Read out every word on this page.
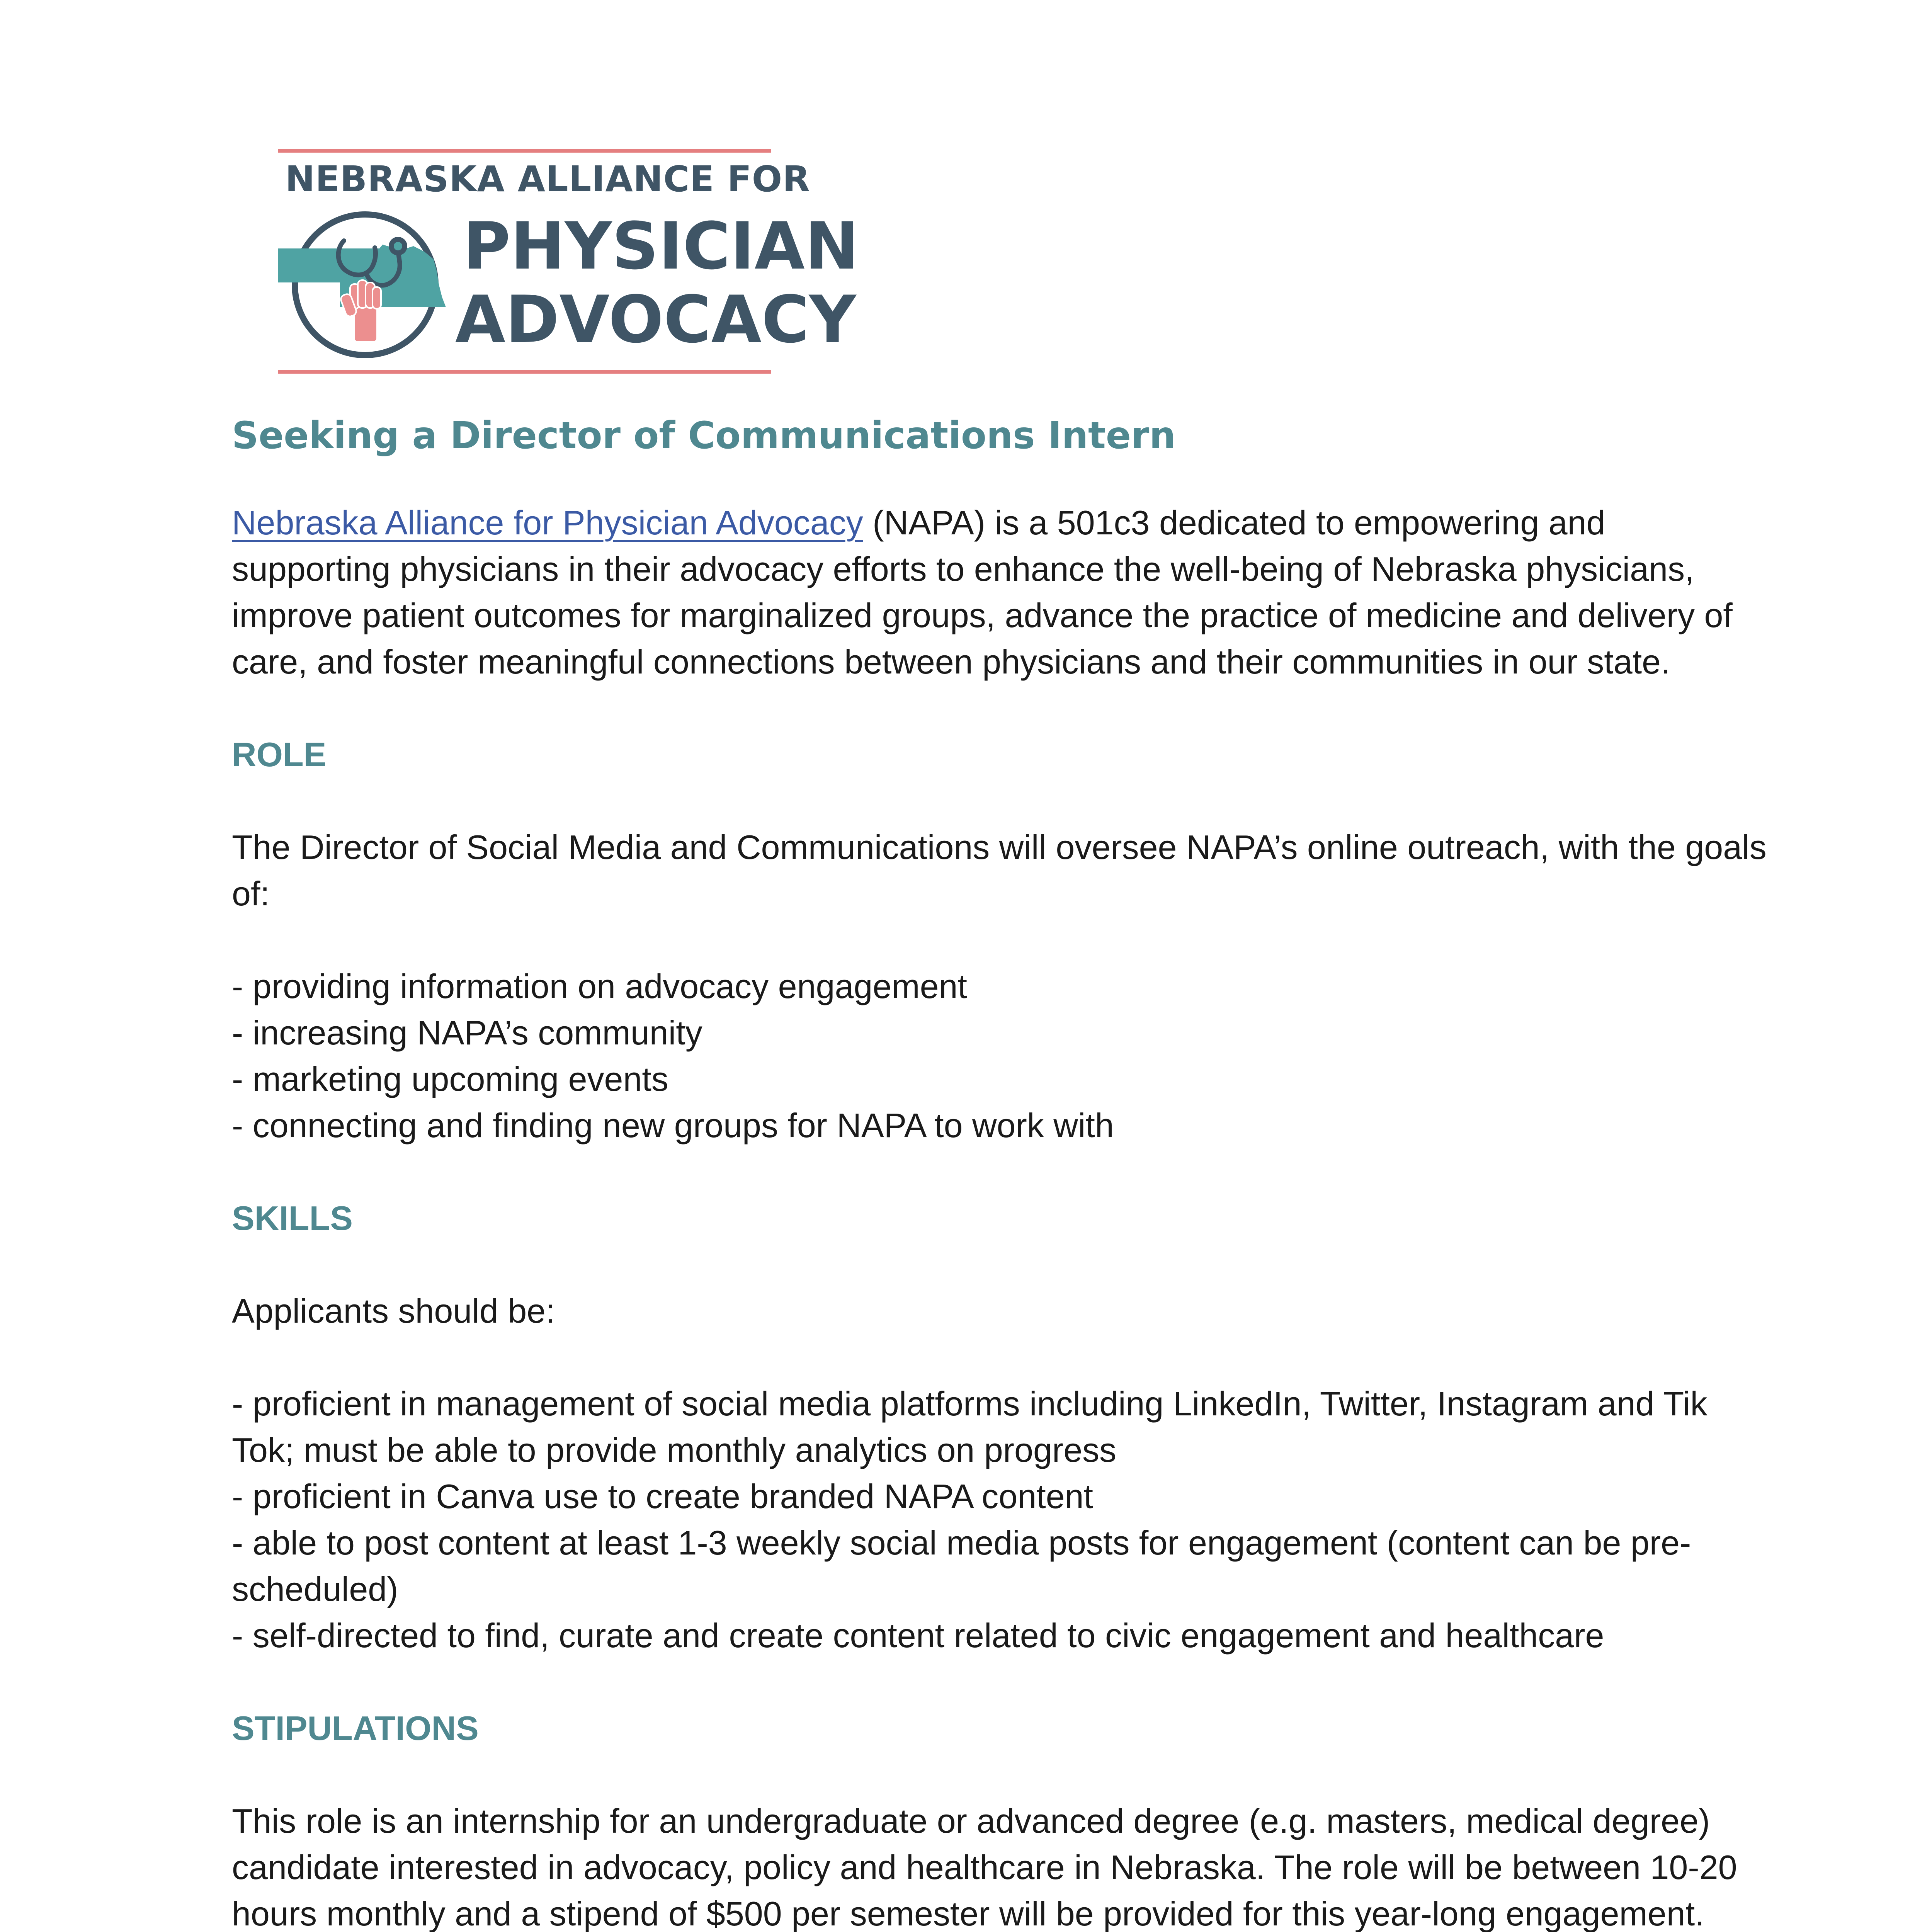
NEBRASKA ALLIANCE FOR
PHYSICIAN
ADVOCACY
Seeking a Director of Communications Intern

Nebraska Alliance for Physician Advocacy (NAPA) is a 501c3 dedicated to empowering and supporting physicians in their advocacy efforts to enhance the well-being of Nebraska physicians, improve patient outcomes for marginalized groups, advance the practice of medicine and delivery of care, and foster meaningful connections between physicians and their communities in our state.

ROLE

The Director of Social Media and Communications will oversee NAPA’s online outreach, with the goals of:

- providing information on advocacy engagement
- increasing NAPA’s community
- marketing upcoming events
- connecting and finding new groups for NAPA to work with
SKILLS

Applicants should be:

- proficient in management of social media platforms including LinkedIn, Twitter, Instagram and Tik Tok; must be able to provide monthly analytics on progress
- proficient in Canva use to create branded NAPA content
- able to post content at least 1-3 weekly social media posts for engagement (content can be pre-scheduled)
- self-directed to find, curate and create content related to civic engagement and healthcare
STIPULATIONS

This role is an internship for an undergraduate or advanced degree (e.g. masters, medical degree) candidate interested in advocacy, policy and healthcare in Nebraska. The role will be between 10-20 hours monthly and a stipend of $500 per semester will be provided for this year-long engagement.
